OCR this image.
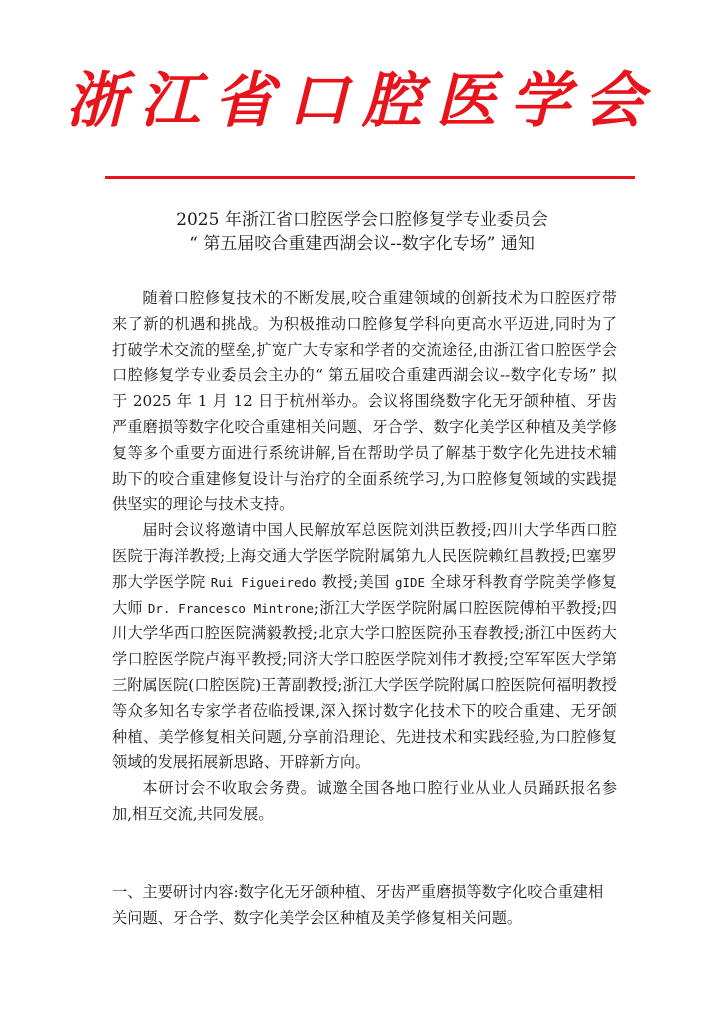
浙江省口腔医学会
2025 年浙江省口腔医学会口腔修复学专业委员会
“ 第五届咬合重建西湖会议--数字化专场” 通知

随着口腔修复技术的不断发展,咬合重建领域的创新技术为口腔医疗带来了新的机遇和挑战。为积极推动口腔修复学科向更高水平迈进,同时为了打破学术交流的壁垒,扩宽广大专家和学者的交流途径,由浙江省口腔医学会口腔修复学专业委员会主办的“ 第五届咬合重建西湖会议--数字化专场” 拟于 2025 年 1 月 12 日于杭州举办。会议将围绕数字化无牙颌种植、牙齿严重磨损等数字化咬合重建相关问题、牙合学、数字化美学区种植及美学修复等多个重要方面进行系统讲解,旨在帮助学员了解基于数字化先进技术辅助下的咬合重建修复设计与治疗的全面系统学习,为口腔修复领域的实践提供坚实的理论与技术支持。

届时会议将邀请中国人民解放军总医院刘洪臣教授;四川大学华西口腔医院于海洋教授;上海交通大学医学院附属第九人民医院赖红昌教授;巴塞罗那大学医学院 Rui Figueiredo 教授;美国 gIDE 全球牙科教育学院美学修复大师 Dr. Francesco Mintrone;浙江大学医学院附属口腔医院傅柏平教授;四川大学华西口腔医院满毅教授;北京大学口腔医院孙玉春教授;浙江中医药大学口腔医学院卢海平教授;同济大学口腔医学院刘伟才教授;空军军医大学第三附属医院(口腔医院)王菁副教授;浙江大学医学院附属口腔医院何福明教授等众多知名专家学者莅临授课,深入探讨数字化技术下的咬合重建、无牙颌种植、美学修复相关问题,分享前沿理论、先进技术和实践经验,为口腔修复领域的发展拓展新思路、开辟新方向。

本研讨会不收取会务费。诚邀全国各地口腔行业从业人员踊跃报名参加,相互交流,共同发展。

一、主要研讨内容:数字化无牙颌种植、牙齿严重磨损等数字化咬合重建相关问题、牙合学、数字化美学会区种植及美学修复相关问题。
